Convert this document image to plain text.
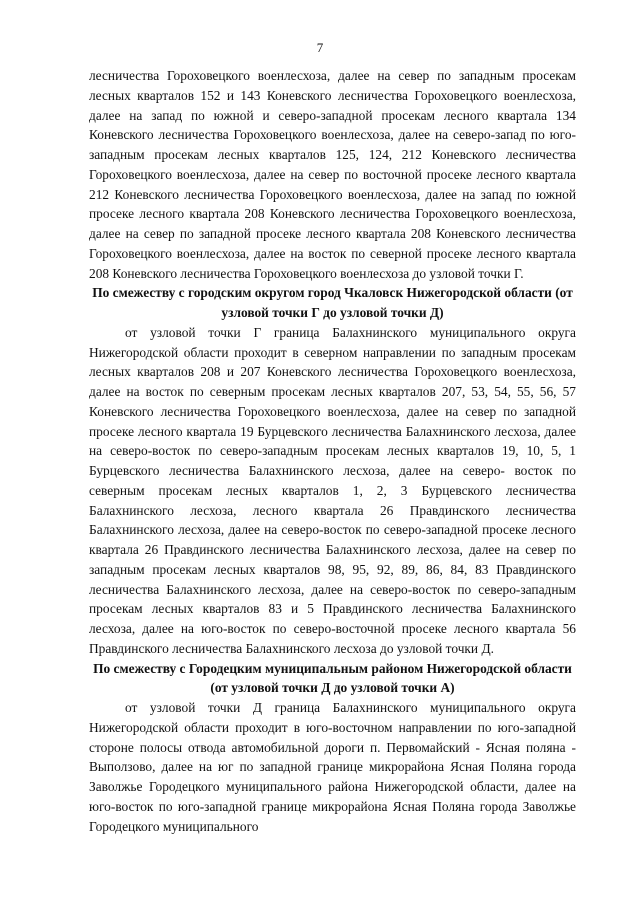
7

лесничества Гороховецкого военлесхоза, далее на север по западным просекам лесных кварталов 152 и 143 Коневского лесничества Гороховецкого военлесхоза, далее на запад по южной и северо-западной просекам лесного квартала 134 Коневского лесничества Гороховецкого военлесхоза, далее на северо-запад по юго-западным просекам лесных кварталов 125, 124, 212 Коневского лесничества Гороховецкого военлесхоза, далее на север по восточной просеке лесного квартала 212 Коневского лесничества Гороховецкого военлесхоза, далее на запад по южной просеке лесного квартала 208 Коневского лесничества Гороховецкого военлесхоза, далее на север по западной просеке лесного квартала 208 Коневского лесничества Гороховецкого военлесхоза, далее на восток по северной просеке лесного квартала 208 Коневского лесничества Гороховецкого военлесхоза до узловой точки Г.

По смежеству с городским округом город Чкаловск Нижегородской области (от узловой точки Г до узловой точки Д)

от узловой точки Г граница Балахнинского муниципального округа Нижегородской области проходит в северном направлении по западным просекам лесных кварталов 208 и 207 Коневского лесничества Гороховецкого военлесхоза, далее на восток по северным просекам лесных кварталов 207, 53, 54, 55, 56, 57 Коневского лесничества Гороховецкого военлесхоза, далее на север по западной просеке лесного квартала 19 Бурцевского лесничества Балахнинского лесхоза, далее на северо-восток по северо-западным просекам лесных кварталов 19, 10, 5, 1 Бурцевского лесничества Балахнинского лесхоза, далее на северо- восток по северным просекам лесных кварталов 1, 2, 3 Бурцевского лесничества Балахнинского лесхоза, лесного квартала 26 Правдинского лесничества Балахнинского лесхоза, далее на северо-восток по северо-западной просеке лесного квартала 26 Правдинского лесничества Балахнинского лесхоза, далее на север по западным просекам лесных кварталов 98, 95, 92, 89, 86, 84, 83 Правдинского лесничества Балахнинского лесхоза, далее на северо-восток по северо-западным просекам лесных кварталов 83 и 5 Правдинского лесничества Балахнинского лесхоза, далее на юго-восток по северо-восточной просеке лесного квартала 56 Правдинского лесничества Балахнинского лесхоза до узловой точки Д.

По смежеству с Городецким муниципальным районом Нижегородской области (от узловой точки Д до узловой точки А)

от узловой точки Д граница Балахнинского муниципального округа Нижегородской области проходит в юго-восточном направлении по юго-западной стороне полосы отвода автомобильной дороги п. Первомайский - Ясная поляна - Выползово, далее на юг по западной границе микрорайона Ясная Поляна города Заволжье Городецкого муниципального района Нижегородской области, далее на юго-восток по юго-западной границе микрорайона Ясная Поляна города Заволжье Городецкого муниципального
